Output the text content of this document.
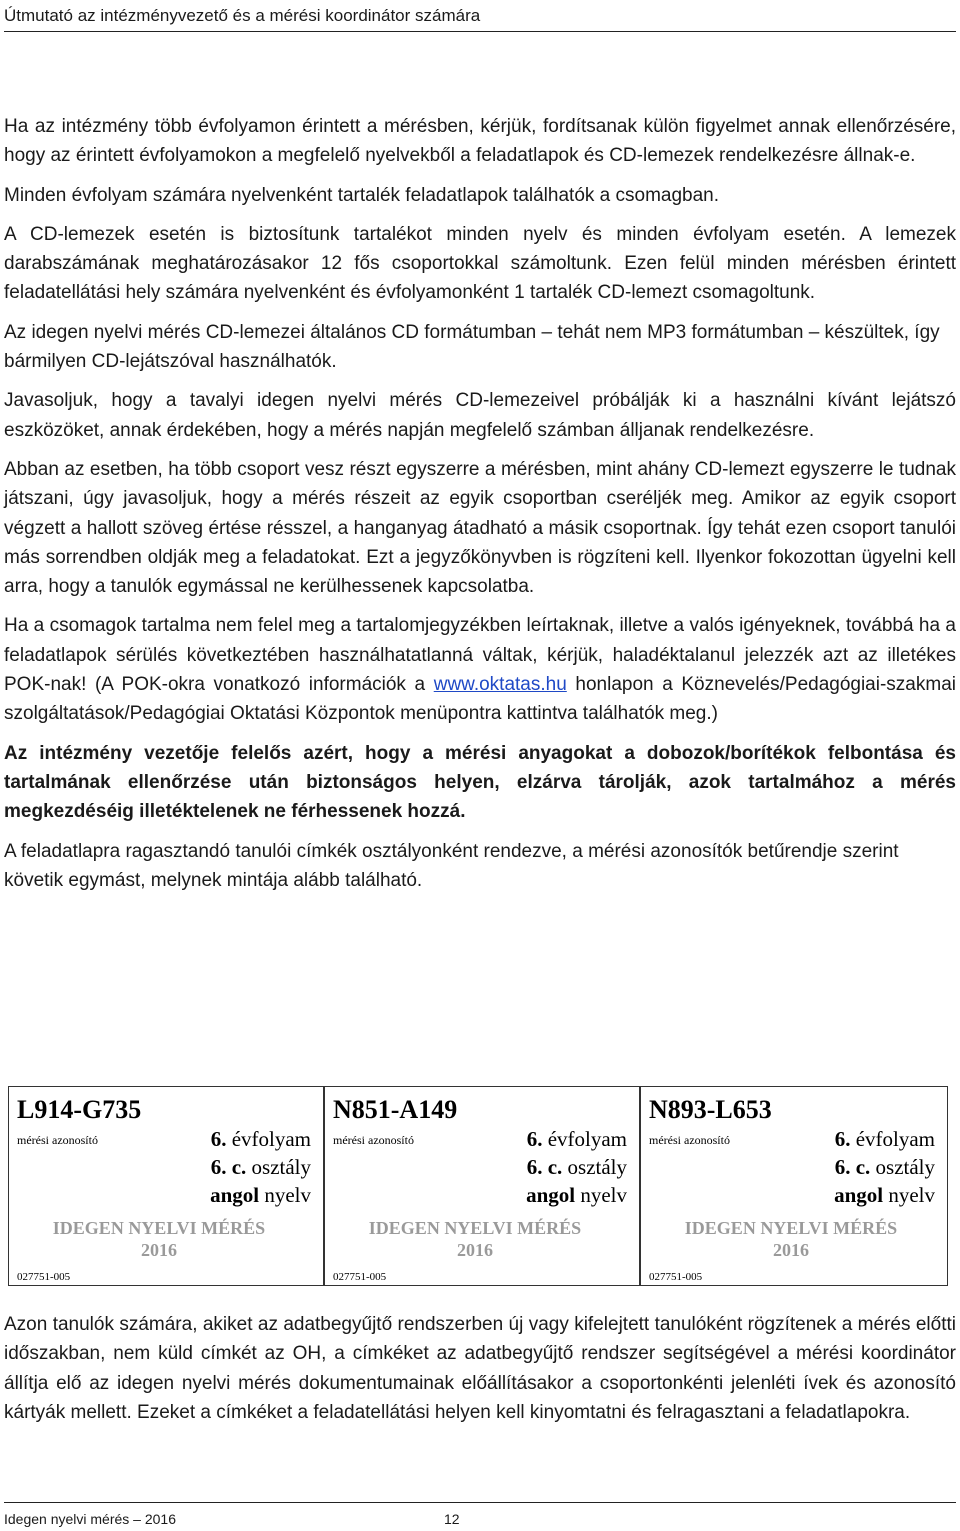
Útmutató az intézményvezető és a mérési koordinátor számára

Ha az intézmény több évfolyamon érintett a mérésben, kérjük, fordítsanak külön figyelmet annak ellenőrzésére, hogy az érintett évfolyamokon a megfelelő nyelvekből a feladatlapok és CD-lemezek rendelkezésre állnak-e.

Minden évfolyam számára nyelvenként tartalék feladatlapok találhatók a csomagban.

A CD-lemezek esetén is biztosítunk tartalékot minden nyelv és minden évfolyam esetén. A lemezek darabszámának meghatározásakor 12 fős csoportokkal számoltunk. Ezen felül minden mérésben érintett feladatellátási hely számára nyelvenként és évfolyamonként 1 tartalék CD-lemezt csomagoltunk.

Az idegen nyelvi mérés CD-lemezei általános CD formátumban – tehát nem MP3 formátumban – készültek, így bármilyen CD-lejátszóval használhatók.

Javasoljuk, hogy a tavalyi idegen nyelvi mérés CD-lemezeivel próbálják ki a használni kívánt lejátszó eszközöket, annak érdekében, hogy a mérés napján megfelelő számban álljanak rendelkezésre.

Abban az esetben, ha több csoport vesz részt egyszerre a mérésben, mint ahány CD-lemezt egyszerre le tudnak játszani, úgy javasoljuk, hogy a mérés részeit az egyik csoportban cseréljék meg. Amikor az egyik csoport végzett a hallott szöveg értése résszel, a hanganyag átadható a másik csoportnak. Így tehát ezen csoport tanulói más sorrendben oldják meg a feladatokat. Ezt a jegyzőkönyvben is rögzíteni kell. Ilyenkor fokozottan ügyelni kell arra, hogy a tanulók egymással ne kerülhessenek kapcsolatba.

Ha a csomagok tartalma nem felel meg a tartalomjegyzékben leírtaknak, illetve a valós igényeknek, továbbá ha a feladatlapok sérülés következtében használhatatlanná váltak, kérjük, haladéktalanul jelezzék azt az illetékes POK-nak! (A POK-okra vonatkozó információk a www.oktatas.hu honlapon a Köznevelés/Pedagógiai-szakmai szolgáltatások/Pedagógiai Oktatási Központok menüpontra kattintva találhatók meg.)

Az intézmény vezetője felelős azért, hogy a mérési anyagokat a dobozok/borítékok felbontása és tartalmának ellenőrzése után biztonságos helyen, elzárva tárolják, azok tartalmához a mérés megkezdéséig illetéktelenek ne férhessenek hozzá.

A feladatlapra ragasztandó tanulói címkék osztályonként rendezve, a mérési azonosítók betűrendje szerint követik egymást, melynek mintája alább található.

L914-G735
mérési azonosító	6. évfolyam
6. c. osztály
angol nyelv
IDEGEN NYELVI MÉRÉS
2016
027751-005
N851-A149
mérési azonosító	6. évfolyam
6. c. osztály
angol nyelv
IDEGEN NYELVI MÉRÉS
2016
027751-005
N893-L653
mérési azonosító	6. évfolyam
6. c. osztály
angol nyelv
IDEGEN NYELVI MÉRÉS
2016
027751-005

Azon tanulók számára, akiket az adatbegyűjtő rendszerben új vagy kifelejtett tanulóként rögzítenek a mérés előtti időszakban, nem küld címkét az OH, a címkéket az adatbegyűjtő rendszer segítségével a mérési koordinátor állítja elő az idegen nyelvi mérés dokumentumainak előállításakor a csoportonkénti jelenléti ívek és azonosító kártyák mellett. Ezeket a címkéket a feladatellátási helyen kell kinyomtatni és felragasztani a feladatlapokra.

Idegen nyelvi mérés – 2016	12
